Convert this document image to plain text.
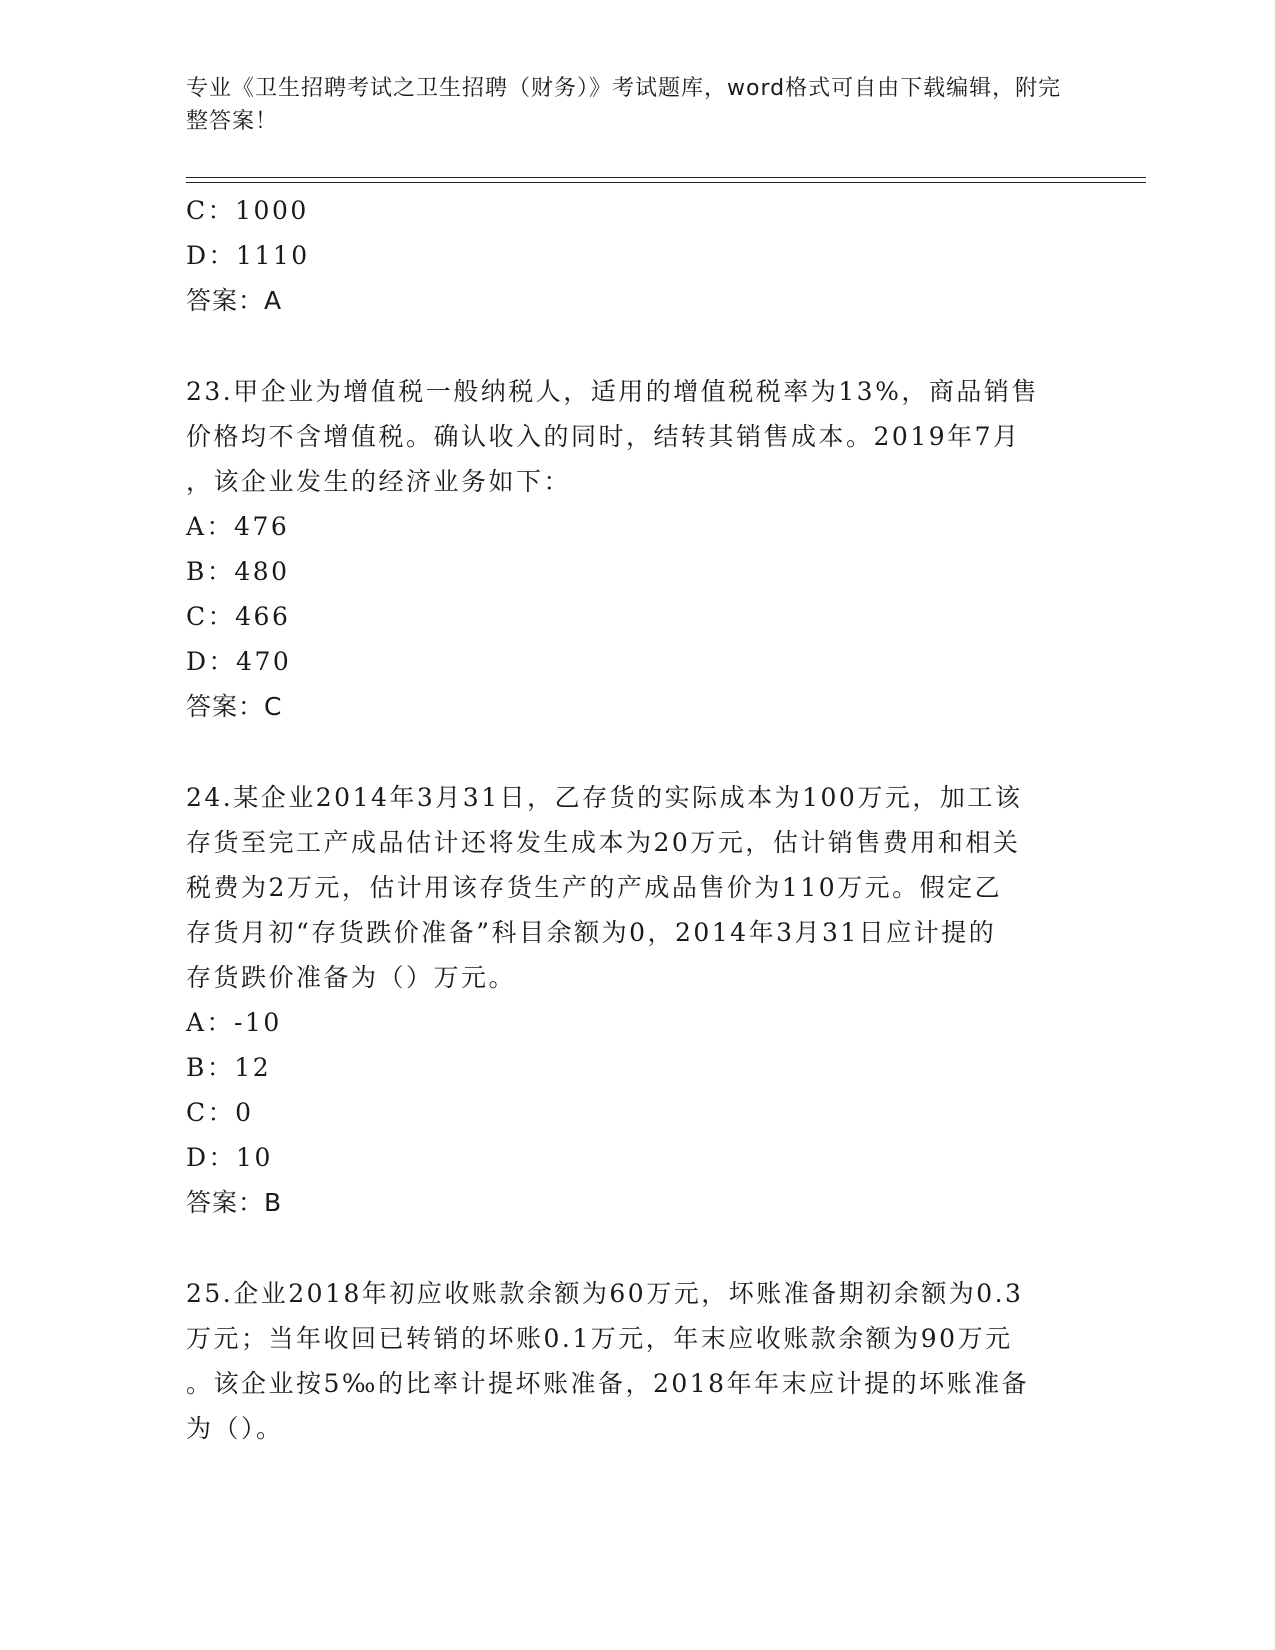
专业《卫生招聘考试之卫生招聘（财务）》考试题库，word格式可自由下载编辑，附完整答案！
C：1000
D：1110
答案：A
23.甲企业为增值税一般纳税人，适用的增值税税率为13%，商品销售
价格均不含增值税。确认收入的同时，结转其销售成本。2019年7月
，该企业发生的经济业务如下：
A：476
B：480
C：466
D：470
答案：C
24.某企业2014年3月31日，乙存货的实际成本为100万元，加工该
存货至完工产成品估计还将发生成本为20万元，估计销售费用和相关
税费为2万元，估计用该存货生产的产成品售价为110万元。假定乙
存货月初“存货跌价准备”科目余额为0，2014年3月31日应计提的
存货跌价准备为（）万元。
A：-10
B：12
C：0
D：10
答案：B
25.企业2018年初应收账款余额为60万元，坏账准备期初余额为0.3
万元；当年收回已转销的坏账0.1万元，年末应收账款余额为90万元
。该企业按5‰的比率计提坏账准备，2018年年末应计提的坏账准备
为（）。
